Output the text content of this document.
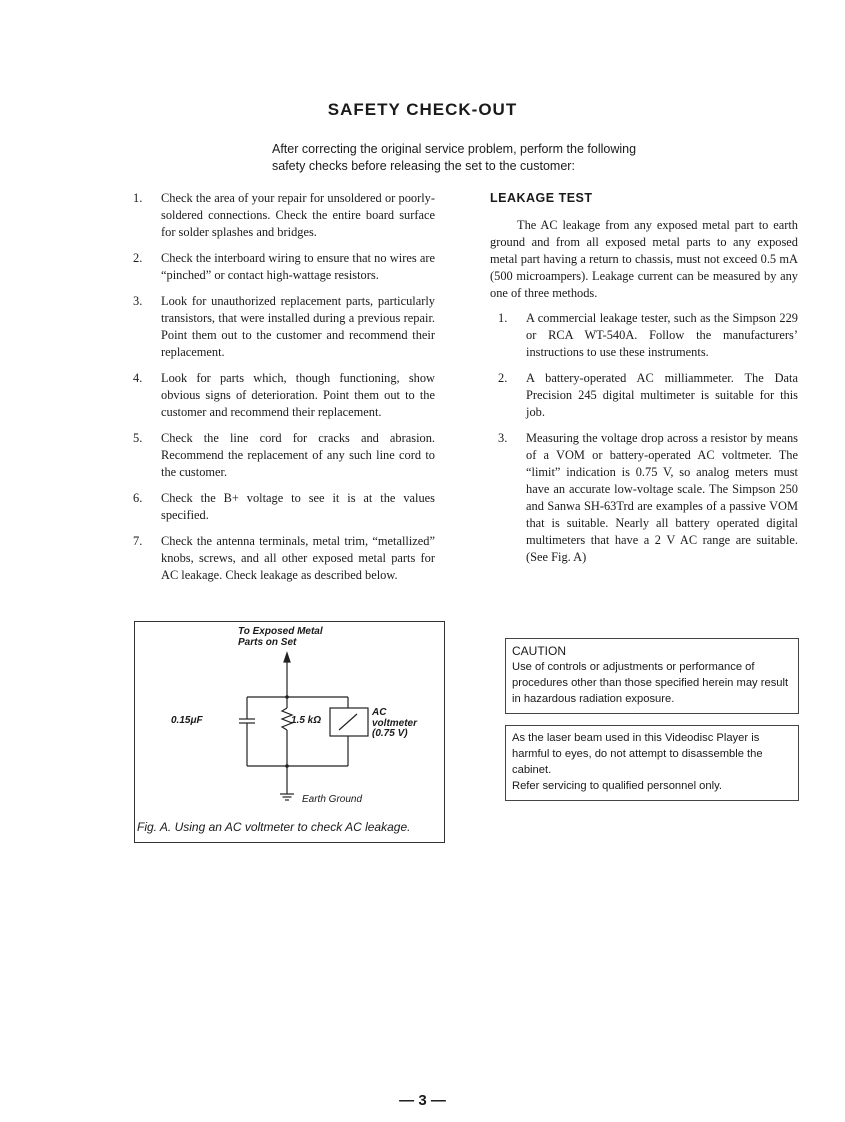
SAFETY CHECK-OUT
After correcting the original service problem, perform the following
safety checks before releasing the set to the customer:
1. Check the area of your repair for unsoldered or poorly-soldered connections. Check the entire board surface for solder splashes and bridges.
2. Check the interboard wiring to ensure that no wires are “pinched” or contact high-wattage resistors.
3. Look for unauthorized replacement parts, particularly transistors, that were installed during a previous repair. Point them out to the customer and recommend their replacement.
4. Look for parts which, though functioning, show obvious signs of deterioration. Point them out to the customer and recommend their replacement.
5. Check the line cord for cracks and abrasion. Recommend the replacement of any such line cord to the customer.
6. Check the B+ voltage to see it is at the values specified.
7. Check the antenna terminals, metal trim, “metallized” knobs, screws, and all other exposed metal parts for AC leakage. Check leakage as described below.
LEAKAGE TEST

The AC leakage from any exposed metal part to earth ground and from all exposed metal parts to any exposed metal part having a return to chassis, must not exceed 0.5 mA (500 microampers). Leakage current can be measured by any one of three methods.

1. A commercial leakage tester, such as the Simpson 229 or RCA WT-540A. Follow the manufacturers’ instructions to use these instruments.
2. A battery-operated AC milliammeter. The Data Precision 245 digital multimeter is suitable for this job.
3. Measuring the voltage drop across a resistor by means of a VOM or battery-operated AC voltmeter. The “limit” indication is 0.75 V, so analog meters must have an accurate low-voltage scale. The Simpson 250 and Sanwa SH-63Trd are examples of a passive VOM that is suitable. Nearly all battery operated digital multimeters that have a 2 V AC range are suitable. (See Fig. A)
To Exposed Metal
Parts on Set
0.15μF	1.5 kΩ
AC
voltmeter
(0.75 V)
Earth Ground
Fig. A. Using an AC voltmeter to check AC leakage.
CAUTION
Use of controls or adjustments or performance of procedures other than those specified herein may result in hazardous radiation exposure.
As the laser beam used in this Videodisc Player is harmful to eyes, do not attempt to disassemble the cabinet.
Refer servicing to qualified personnel only.
— 3 —
